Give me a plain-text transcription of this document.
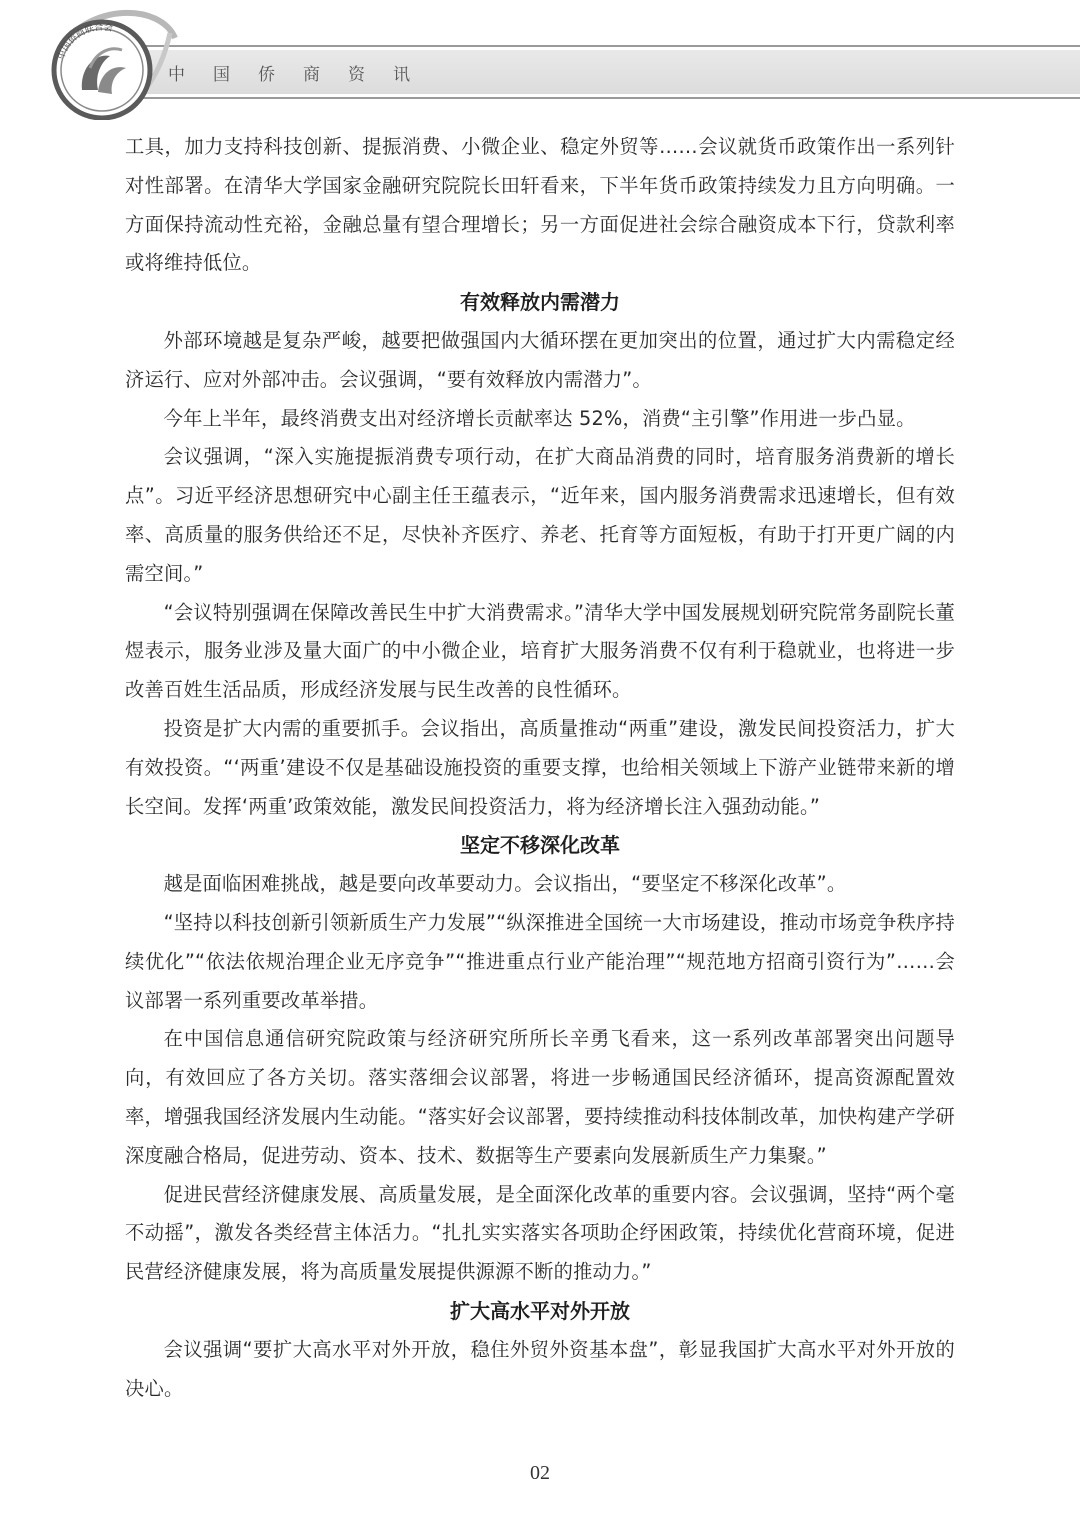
中国侨商资讯
中国侨商联合会

工具，加力支持科技创新、提振消费、小微企业、稳定外贸等……会议就货币政策作出一系列针对性部署。在清华大学国家金融研究院院长田轩看来，下半年货币政策持续发力且方向明确。一方面保持流动性充裕，金融总量有望合理增长；另一方面促进社会综合融资成本下行，贷款利率或将维持低位。

有效释放内需潜力

外部环境越是复杂严峻，越要把做强国内大循环摆在更加突出的位置，通过扩大内需稳定经济运行、应对外部冲击。会议强调，“要有效释放内需潜力”。

今年上半年，最终消费支出对经济增长贡献率达 52%，消费“主引擎”作用进一步凸显。

会议强调，“深入实施提振消费专项行动，在扩大商品消费的同时，培育服务消费新的增长点”。习近平经济思想研究中心副主任王蕴表示，“近年来，国内服务消费需求迅速增长，但有效率、高质量的服务供给还不足，尽快补齐医疗、养老、托育等方面短板，有助于打开更广阔的内需空间。”

“会议特别强调在保障改善民生中扩大消费需求。”清华大学中国发展规划研究院常务副院长董煜表示，服务业涉及量大面广的中小微企业，培育扩大服务消费不仅有利于稳就业，也将进一步改善百姓生活品质，形成经济发展与民生改善的良性循环。

投资是扩大内需的重要抓手。会议指出，高质量推动“两重”建设，激发民间投资活力，扩大有效投资。“‘两重’建设不仅是基础设施投资的重要支撑，也给相关领域上下游产业链带来新的增长空间。发挥‘两重’政策效能，激发民间投资活力，将为经济增长注入强劲动能。”

坚定不移深化改革

越是面临困难挑战，越是要向改革要动力。会议指出，“要坚定不移深化改革”。

“坚持以科技创新引领新质生产力发展”“纵深推进全国统一大市场建设，推动市场竞争秩序持续优化”“依法依规治理企业无序竞争”“推进重点行业产能治理”“规范地方招商引资行为”……会议部署一系列重要改革举措。

在中国信息通信研究院政策与经济研究所所长辛勇飞看来，这一系列改革部署突出问题导向，有效回应了各方关切。落实落细会议部署，将进一步畅通国民经济循环，提高资源配置效率，增强我国经济发展内生动能。“落实好会议部署，要持续推动科技体制改革，加快构建产学研深度融合格局，促进劳动、资本、技术、数据等生产要素向发展新质生产力集聚。”

促进民营经济健康发展、高质量发展，是全面深化改革的重要内容。会议强调，坚持“两个毫不动摇”，激发各类经营主体活力。“扎扎实实落实各项助企纾困政策，持续优化营商环境，促进民营经济健康发展，将为高质量发展提供源源不断的推动力。”

扩大高水平对外开放

会议强调“要扩大高水平对外开放，稳住外贸外资基本盘”，彰显我国扩大高水平对外开放的决心。

02
